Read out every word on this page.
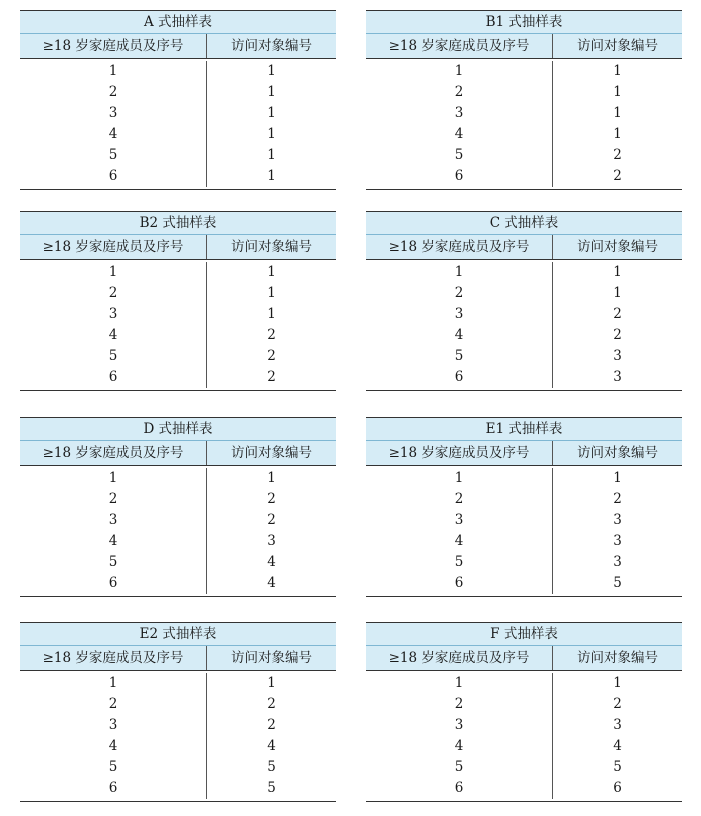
A 式抽样表
≥18 岁家庭成员及序号	访问对象编号
1	1
2	1
3	1
4	1
5	1
6	1
B1 式抽样表
≥18 岁家庭成员及序号	访问对象编号
1	1
2	1
3	1
4	1
5	2
6	2
B2 式抽样表
≥18 岁家庭成员及序号	访问对象编号
1	1
2	1
3	1
4	2
5	2
6	2
C 式抽样表
≥18 岁家庭成员及序号	访问对象编号
1	1
2	1
3	2
4	2
5	3
6	3
D 式抽样表
≥18 岁家庭成员及序号	访问对象编号
1	1
2	2
3	2
4	3
5	4
6	4
E1 式抽样表
≥18 岁家庭成员及序号	访问对象编号
1	1
2	2
3	3
4	3
5	3
6	5
E2 式抽样表
≥18 岁家庭成员及序号	访问对象编号
1	1
2	2
3	2
4	4
5	5
6	5
F 式抽样表
≥18 岁家庭成员及序号	访问对象编号
1	1
2	2
3	3
4	4
5	5
6	6
